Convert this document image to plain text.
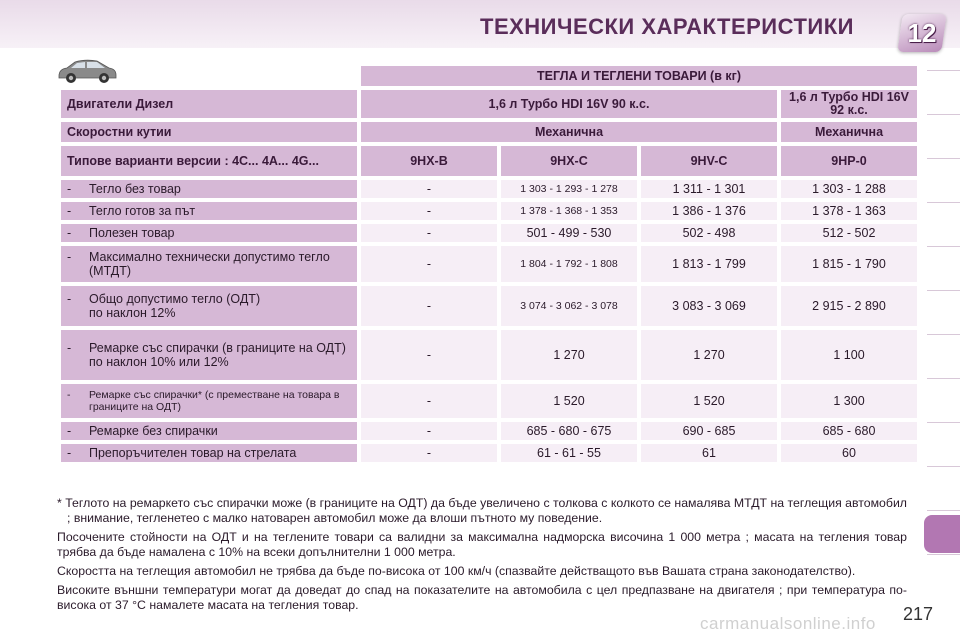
ТЕХНИЧЕСКИ ХАРАКТЕРИСТИКИ 12
	ТЕГЛА И ТЕГЛЕНИ ТОВАРИ (в кг)			
Двигатели Дизел	1,6 л Турбо HDI 16V 90 к.с.			1,6 л Турбо HDI 16V 92 к.с.
Скоростни кутии	Механична			Механична
Типове варианти версии : 4C... 4A... 4G...	9HX-B	9HX-C	9HV-C	9HP-0

- Тегло без товар	-	1 303 - 1 293 - 1 278	1 311 - 1 301	1 303 - 1 288

- Тегло готов за път	-	1 378 - 1 368 - 1 353	1 386 - 1 376	1 378 - 1 363

- Полезен товар	-	501 - 499 - 530	502 - 498	512 - 502

- Максимално технически допустимо тегло (МТДТ)	-	1 804 - 1 792 - 1 808	1 813 - 1 799	1 815 - 1 790

- Общо допустимо тегло (ОДТ)
по наклон 12%	-	3 074 - 3 062 - 3 078	3 083 - 3 069	2 915 - 2 890

- Ремарке със спирачки (в границите на ОДТ)
по наклон 10% или 12%	-	1 270	1 270	1 100

- Ремарке със спирачки* (с преместване на товара в границите на ОДТ)	-	1 520	1 520	1 300

- Ремарке без спирачки	-	685 - 680 - 675	690 - 685	685 - 680

- Препоръчителен товар на стрелата	-	61 - 61 - 55	61	60

* Теглото на ремаркето със спирачки може (в границите на ОДТ) да бъде увеличено с толкова с колкото се намалява МТДТ на теглещия автомобил ; внимание, тегленетео с малко натоварен автомобил може да влоши пътното му поведение.

Посочените стойности на ОДТ и на теглените товари са валидни за максимална надморска височина 1 000 метра ; масата на тегления товар трябва да бъде намалена с 10% на всеки допълнителни 1 000 метра.

Скоростта на теглещия автомобил не трябва да бъде по-висока от 100 км/ч (спазвайте действащото във Вашата страна законодателство).

Високите външни температури могат да доведат до спад на показателите на автомобила с цел предпазване на двигателя ; при температура по-висока от 37 °C намалете масата на тегления товар.

carmanualsonline.info 217
